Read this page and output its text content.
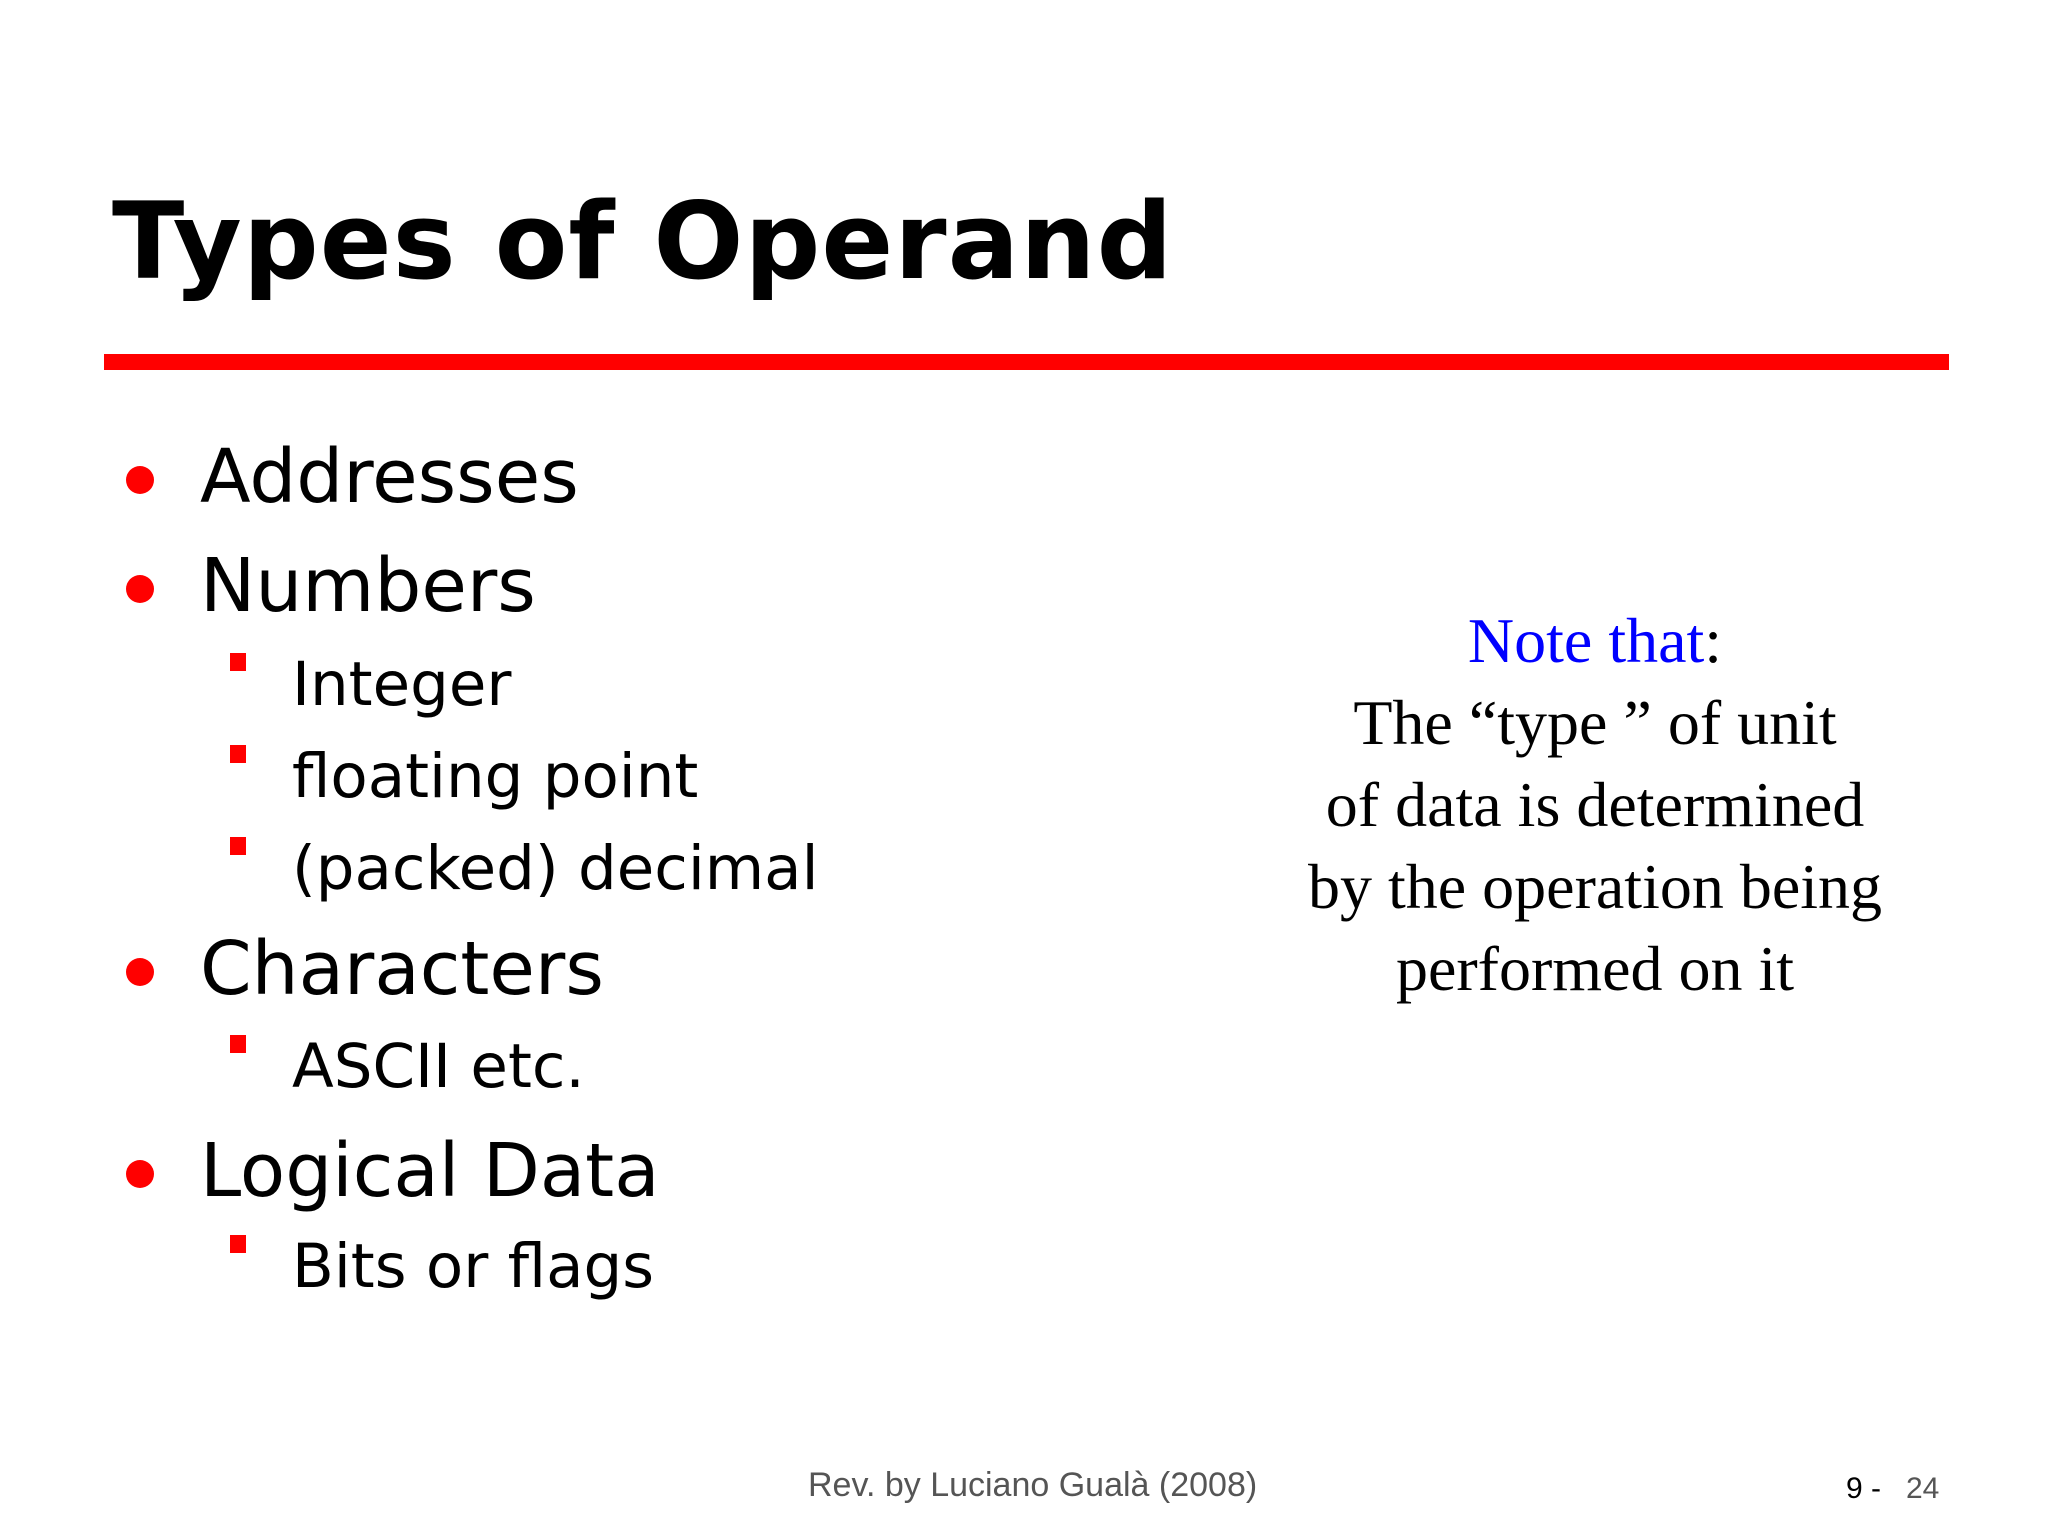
Types of Operand
Addresses
Numbers
Integer
floating point
(packed) decimal
Characters
ASCII etc.
Logical Data
Bits or flags
Note that:
The “type ” of unit
of data is determined
by the operation being
performed on it
Rev. by Luciano Gualà (2008)	9 - 24
